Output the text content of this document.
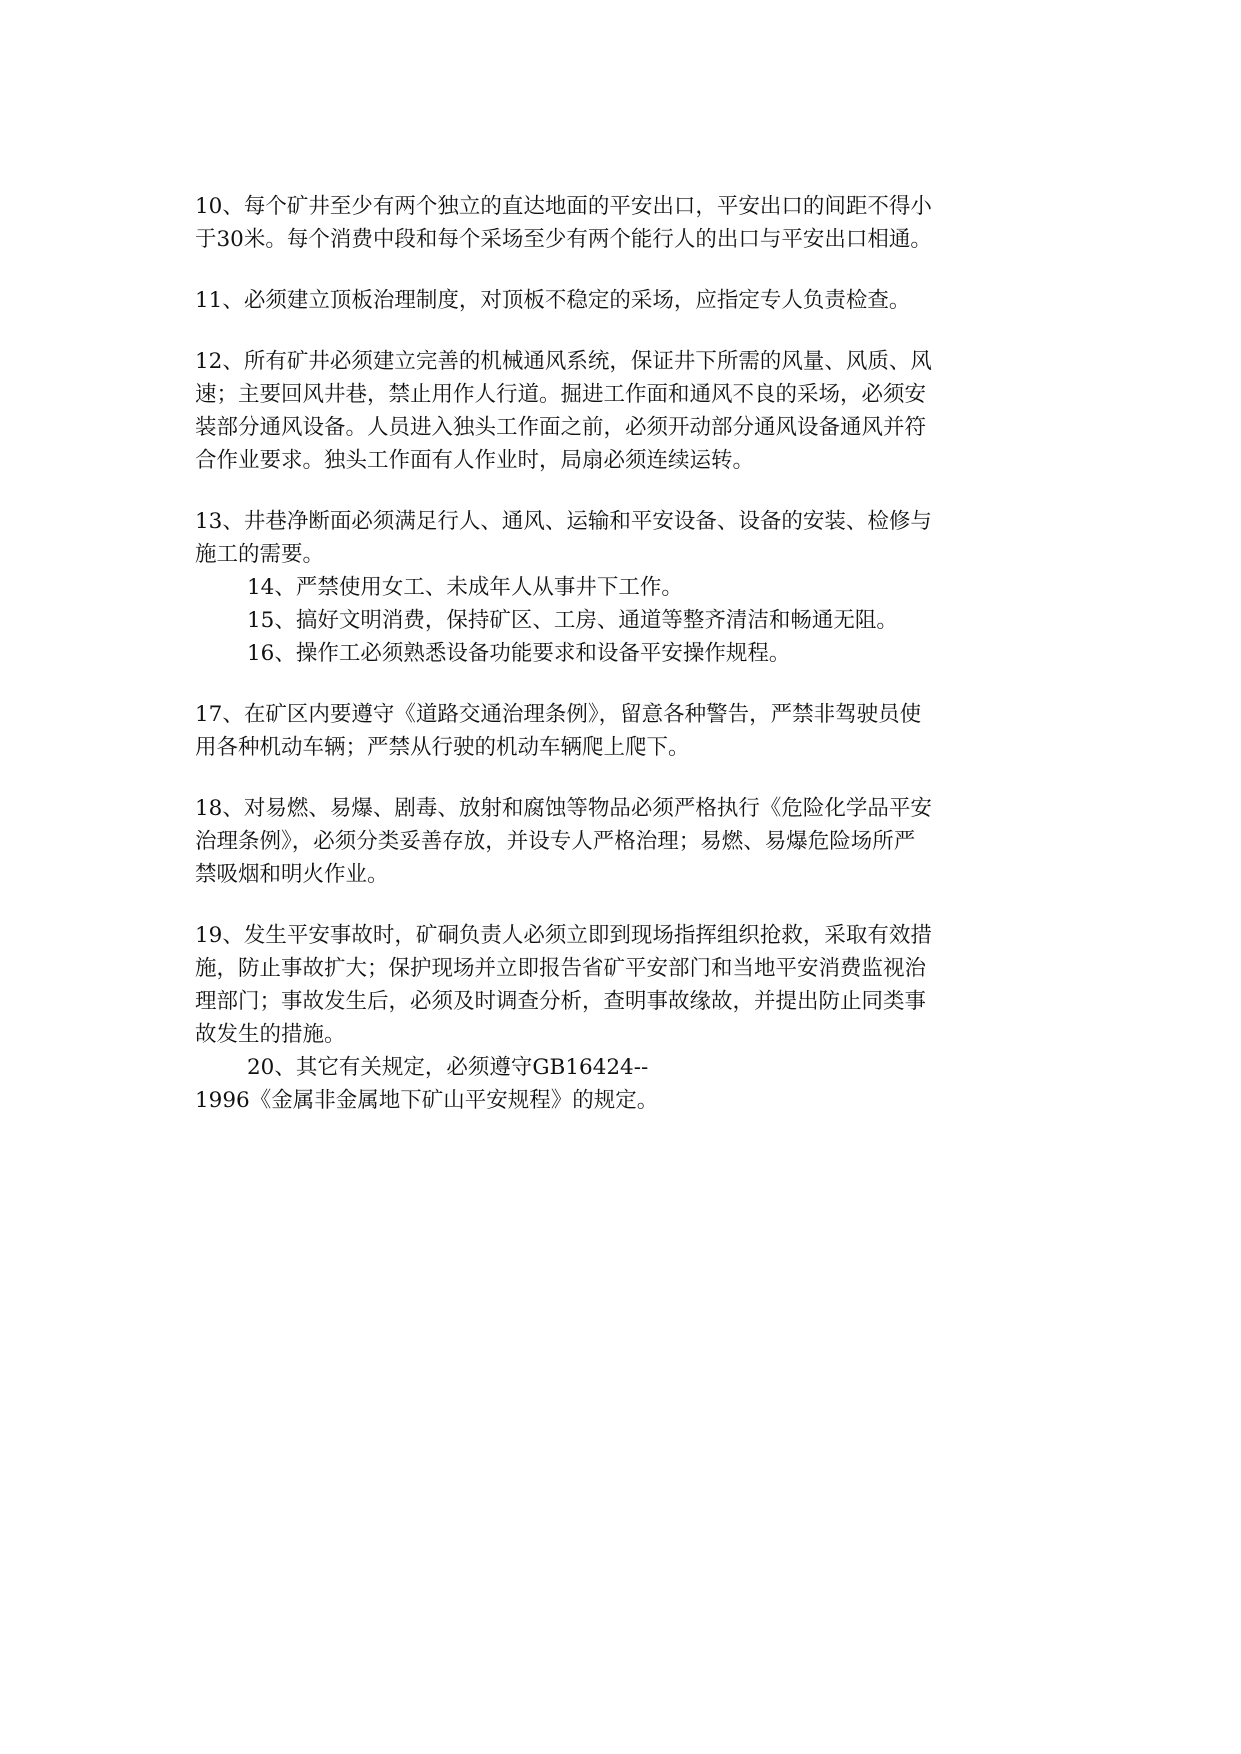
10、每个矿井至少有两个独立的直达地面的平安出口，平安出口的间距不得小
于30米。每个消费中段和每个采场至少有两个能行人的出口与平安出口相通。

11、必须建立顶板治理制度，对顶板不稳定的采场，应指定专人负责检查。

12、所有矿井必须建立完善的机械通风系统，保证井下所需的风量、风质、风
速；主要回风井巷，禁止用作人行道。掘进工作面和通风不良的采场，必须安
装部分通风设备。人员进入独头工作面之前，必须开动部分通风设备通风并符
合作业要求。独头工作面有人作业时，局扇必须连续运转。

13、井巷净断面必须满足行人、通风、运输和平安设备、设备的安装、检修与
施工的需要。

14、严禁使用女工、未成年人从事井下工作。
15、搞好文明消费，保持矿区、工房、通道等整齐清洁和畅通无阻。
16、操作工必须熟悉设备功能要求和设备平安操作规程。

17、在矿区内要遵守《道路交通治理条例》，留意各种警告，严禁非驾驶员使
用各种机动车辆；严禁从行驶的机动车辆爬上爬下。

18、对易燃、易爆、剧毒、放射和腐蚀等物品必须严格执行《危险化学品平安
治理条例》，必须分类妥善存放，并设专人严格治理；易燃、易爆危险场所严
禁吸烟和明火作业。

19、发生平安事故时，矿硐负责人必须立即到现场指挥组织抢救，采取有效措
施，防止事故扩大；保护现场并立即报告省矿平安部门和当地平安消费监视治
理部门；事故发生后，必须及时调查分析，查明事故缘故，并提出防止同类事
故发生的措施。

20、其它有关规定，必须遵守GB16424--
1996《金属非金属地下矿山平安规程》的规定。
